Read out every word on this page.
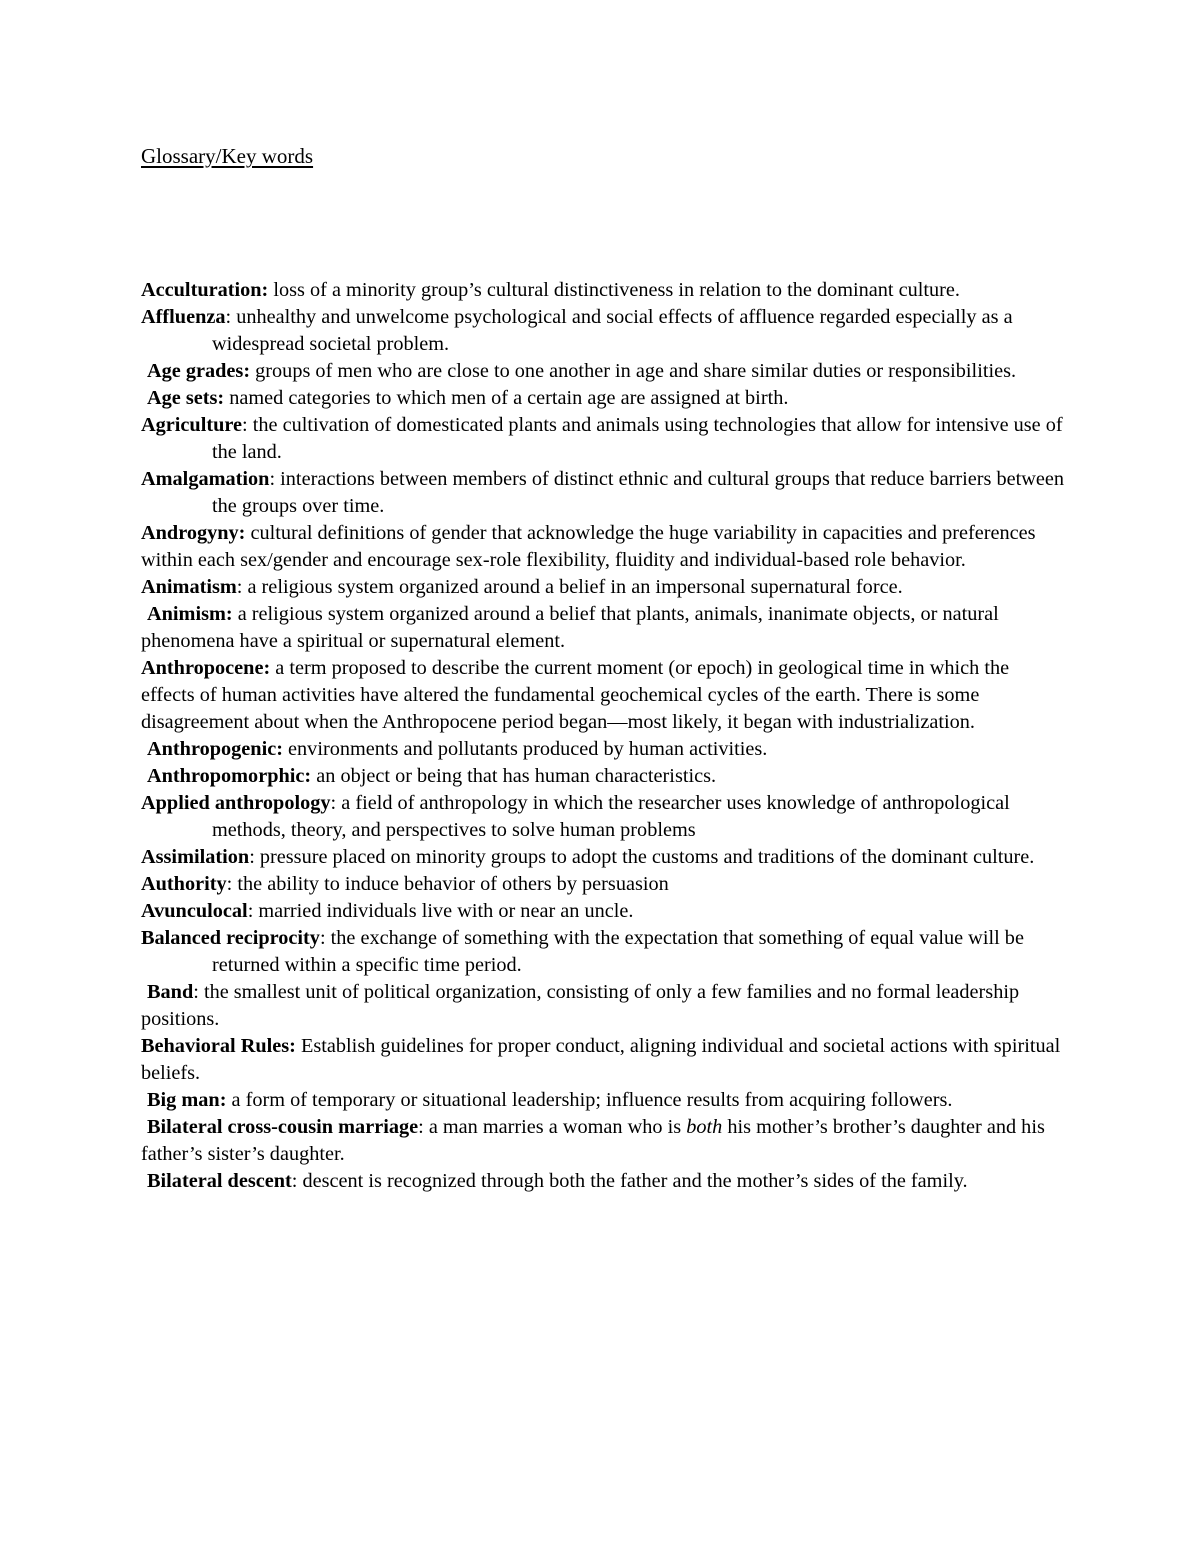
Glossary/Key words

Acculturation: loss of a minority group’s cultural distinctiveness in relation to the dominant culture.

Affluenza: unhealthy and unwelcome psychological and social effects of affluence regarded especially as a widespread societal problem.

Age grades: groups of men who are close to one another in age and share similar duties or responsibilities.

Age sets: named categories to which men of a certain age are assigned at birth.

Agriculture: the cultivation of domesticated plants and animals using technologies that allow for intensive use of the land.

Amalgamation: interactions between members of distinct ethnic and cultural groups that reduce barriers between the groups over time.

Androgyny: cultural definitions of gender that acknowledge the huge variability in capacities and preferences within each sex/gender and encourage sex-role flexibility, fluidity and individual-based role behavior.

Animatism: a religious system organized around a belief in an impersonal supernatural force.

Animism: a religious system organized around a belief that plants, animals, inanimate objects, or natural phenomena have a spiritual or supernatural element.

Anthropocene: a term proposed to describe the current moment (or epoch) in geological time in which the effects of human activities have altered the fundamental geochemical cycles of the earth. There is some disagreement about when the Anthropocene period began—most likely, it began with industrialization.

Anthropogenic: environments and pollutants produced by human activities.

Anthropomorphic: an object or being that has human characteristics.

Applied anthropology: a field of anthropology in which the researcher uses knowledge of anthropological methods, theory, and perspectives to solve human problems

Assimilation: pressure placed on minority groups to adopt the customs and traditions of the dominant culture.

Authority: the ability to induce behavior of others by persuasion

Avunculocal: married individuals live with or near an uncle.

Balanced reciprocity: the exchange of something with the expectation that something of equal value will be returned within a specific time period.

Band: the smallest unit of political organization, consisting of only a few families and no formal leadership positions.

Behavioral Rules: Establish guidelines for proper conduct, aligning individual and societal actions with spiritual beliefs.

Big man: a form of temporary or situational leadership; influence results from acquiring followers.

Bilateral cross-cousin marriage: a man marries a woman who is both his mother’s brother’s daughter and his father’s sister’s daughter.

Bilateral descent: descent is recognized through both the father and the mother’s sides of the family.
